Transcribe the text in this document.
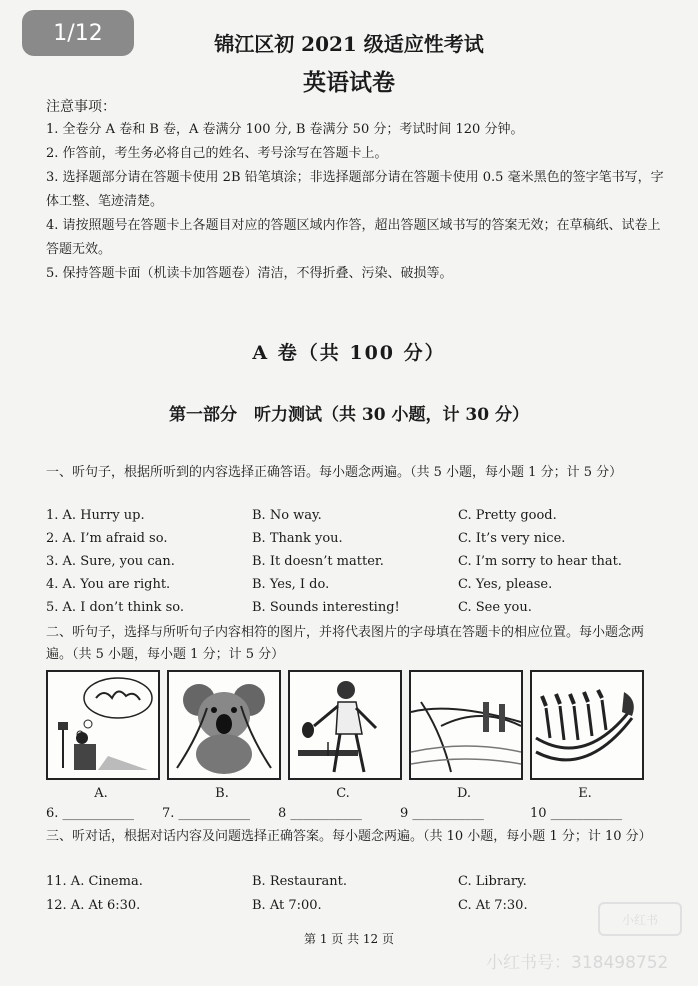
1/12	锦江区初 2021 级适应性考试
英语试卷
注意事项：
1. 全卷分 A 卷和 B 卷，A 卷满分 100 分, B 卷满分 50 分；考试时间 120 分钟。
2. 作答前，考生务必将自己的姓名、考号涂写在答题卡上。
3. 选择题部分请在答题卡使用 2B 铅笔填涂；非选择题部分请在答题卡使用 0.5 毫米黑色的签字笔书写，字体工整、笔迹清楚。
4. 请按照题号在答题卡上各题目对应的答题区域内作答，超出答题区域书写的答案无效；在草稿纸、试卷上答题无效。
5. 保持答题卡面（机读卡加答题卷）清洁，不得折叠、污染、破损等。
A 卷（共 100 分）
第一部分　听力测试（共 30 小题，计 30 分）
一、听句子，根据所听到的内容选择正确答语。每小题念两遍。（共 5 小题，每小题 1 分；计 5 分）
1. A. Hurry up.	B. No way.	C. Pretty good.
2. A. I’m afraid so.	B. Thank you.	C. It’s very nice.
3. A. Sure, you can.	B. It doesn’t matter.	C. I’m sorry to hear that.
4. A. You are right.	B. Yes, I do.	C. Yes, please.
5. A. I don’t think so.	B. Sounds interesting!	C. See you.
二、听句子，选择与所听句子内容相符的图片，并将代表图片的字母填在答题卡的相应位置。每小题念两遍。（共 5 小题，每小题 1 分；计 5 分）
A.	B.	C.	D.	E.
6. ___________ 7. ___________ 8 ___________	9 ___________	10 ___________
三、听对话，根据对话内容及问题选择正确答案。每小题念两遍。（共 10 小题，每小题 1 分；计 10 分）
11. A. Cinema.	B. Restaurant.	C. Library.
12. A. At 6:30.	B. At 7:00.	C. At 7:30.
第 1 页 共 12 页
小红书
小红书号：318498752
